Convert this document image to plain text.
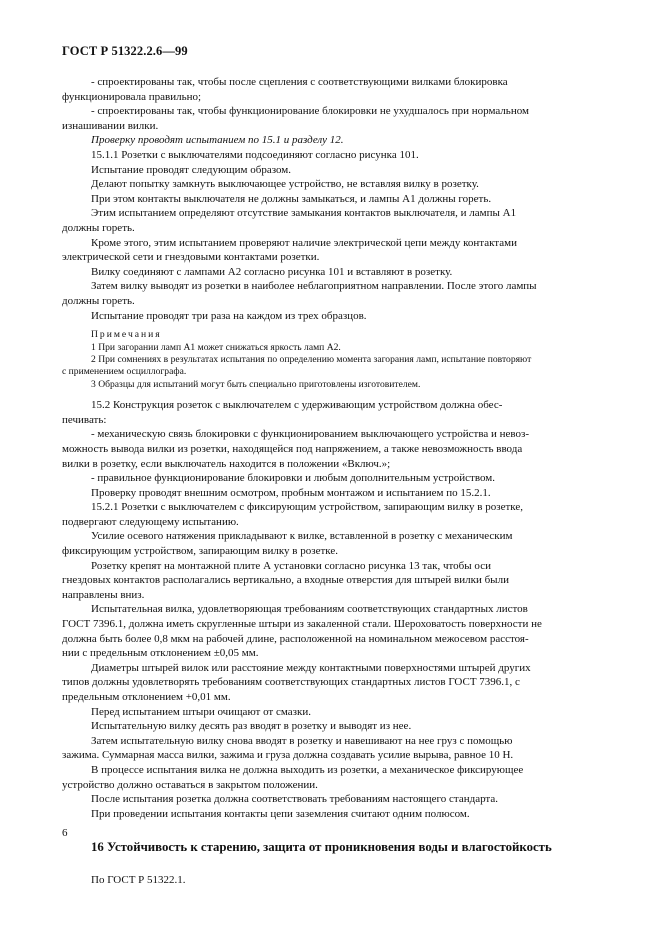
ГОСТ Р 51322.2.6—99

- спроектированы так, чтобы после сцепления с соответствующими вилками блокировка

функционировала правильно;

- спроектированы так, чтобы функционирование блокировки не ухудшалось при нормальном

изнашивании вилки.

Проверку проводят испытанием по 15.1 и разделу 12.

15.1.1 Розетки с выключателями подсоединяют согласно рисунка 101.

Испытание проводят следующим образом.

Делают попытку замкнуть выключающее устройство, не вставляя вилку в розетку.

При этом контакты выключателя не должны замыкаться, и лампы А1 должны гореть.

Этим испытанием определяют отсутствие замыкания контактов выключателя, и лампы А1

должны гореть.

Кроме этого, этим испытанием проверяют наличие электрической цепи между контактами

электрической сети и гнездовыми контактами розетки.

Вилку соединяют с лампами А2 согласно рисунка 101 и вставляют в розетку.

Затем вилку выводят из розетки в наиболее неблагоприятном направлении. После этого лампы

должны гореть.

Испытание проводят три раза на каждом из трех образцов.

Примечания

1 При загорании ламп А1 может снижаться яркость ламп А2.

2 При сомнениях в результатах испытания по определению момента загорания ламп, испытание повторяют

с применением осциллографа.

3 Образцы для испытаний могут быть специально приготовлены изготовителем.

15.2 Конструкция розеток с выключателем с удерживающим устройством должна обес-

печивать:

- механическую связь блокировки с функционированием выключающего устройства и невоз-

можность вывода вилки из розетки, находящейся под напряжением, а также невозможность ввода

вилки в розетку, если выключатель находится в положении «Включ.»;

- правильное функционирование блокировки и любым дополнительным устройством.

Проверку проводят внешним осмотром, пробным монтажом и испытанием по 15.2.1.

15.2.1 Розетки с выключателем с фиксирующим устройством, запирающим вилку в розетке,

подвергают следующему испытанию.

Усилие осевого натяжения прикладывают к вилке, вставленной в розетку с механическим

фиксирующим устройством, запирающим вилку в розетке.

Розетку крепят на монтажной плите А установки согласно рисунка 13 так, чтобы оси

гнездовых контактов располагались вертикально, а входные отверстия для штырей вилки были

направлены вниз.

Испытательная вилка, удовлетворяющая требованиям соответствующих стандартных листов

ГОСТ 7396.1, должна иметь скругленные штыри из закаленной стали. Шероховатость поверхности не

должна быть более 0,8 мкм на рабочей длине, расположенной на номинальном межосевом расстоя-

нии с предельным отклонением ±0,05 мм.

Диаметры штырей вилок или расстояние между контактными поверхностями штырей других

типов должны удовлетворять требованиям соответствующих стандартных листов ГОСТ 7396.1, с

предельным отклонением +0,01 мм.

Перед испытанием штыри очищают от смазки.

Испытательную вилку десять раз вводят в розетку и выводят из нее.

Затем испытательную вилку снова вводят в розетку и навешивают на нее груз с помощью

зажима. Суммарная масса вилки, зажима и груза должна создавать усилие вырыва, равное 10 Н.

В процессе испытания вилка не должна выходить из розетки, а механическое фиксирующее

устройство должно оставаться в закрытом положении.

После испытания розетка должна соответствовать требованиям настоящего стандарта.

При проведении испытания контакты цепи заземления считают одним полюсом.

16 Устойчивость к старению, защита от проникновения воды и влагостойкость

По ГОСТ Р 51322.1.

6
